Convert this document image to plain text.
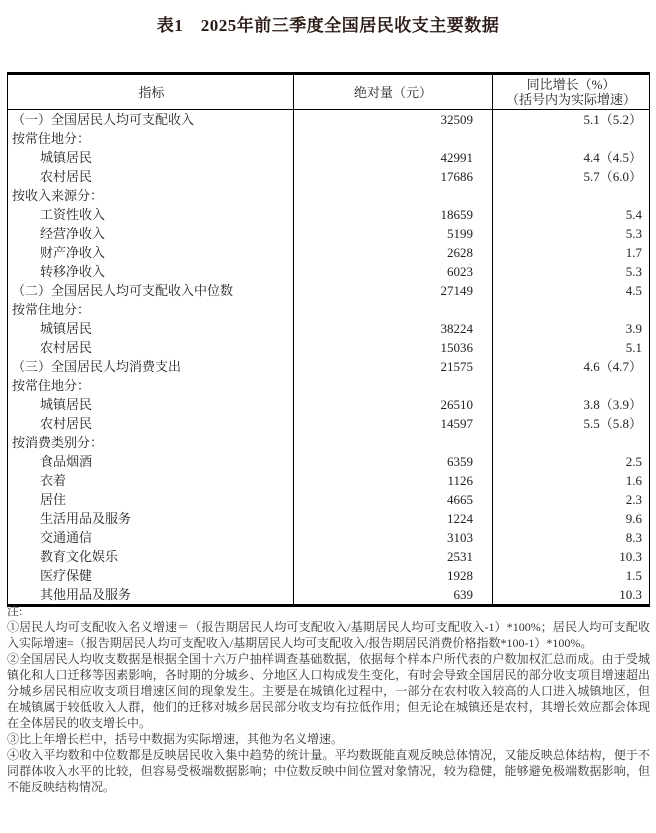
表1　2025年前三季度全国居民收支主要数据
指标	绝对量（元）	同比增长（%）
（括号内为实际增速）
（一）全国居民人均可支配收入	32509	5.1（5.2）
按常住地分：
城镇居民	42991	4.4（4.5）
农村居民	17686	5.7（6.0）
按收入来源分：
工资性收入	18659	5.4
经营净收入	5199	5.3
财产净收入	2628	1.7
转移净收入	6023	5.3
（二）全国居民人均可支配收入中位数	27149	4.5
按常住地分：
城镇居民	38224	3.9
农村居民	15036	5.1
（三）全国居民人均消费支出	21575	4.6（4.7）
按常住地分：
城镇居民	26510	3.8（3.9）
农村居民	14597	5.5（5.8）
按消费类别分：
食品烟酒	6359	2.5
衣着	1126	1.6
居住	4665	2.3
生活用品及服务	1224	9.6
交通通信	3103	8.3
教育文化娱乐	2531	10.3
医疗保健	1928	1.5
其他用品及服务	639	10.3
注:
①居民人均可支配收入名义增速＝（报告期居民人均可支配收入/基期居民人均可支配收入-1）*100%；居民人均可支配收入实际增速=（报告期居民人均可支配收入/基期居民人均可支配收入/报告期居民消费价格指数*100-1）*100%。
②全国居民人均收支数据是根据全国十六万户抽样调查基础数据，依据每个样本户所代表的户数加权汇总而成。由于受城镇化和人口迁移等因素影响，各时期的分城乡、分地区人口构成发生变化，有时会导致全国居民的部分收支项目增速超出分城乡居民相应收支项目增速区间的现象发生。主要是在城镇化过程中，一部分在农村收入较高的人口进入城镇地区，但在城镇属于较低收入人群，他们的迁移对城乡居民部分收支均有拉低作用；但无论在城镇还是农村，其增长效应都会体现在全体居民的收支增长中。
③比上年增长栏中，括号中数据为实际增速，其他为名义增速。
④收入平均数和中位数都是反映居民收入集中趋势的统计量。平均数既能直观反映总体情况，又能反映总体结构，便于不同群体收入水平的比较，但容易受极端数据影响；中位数反映中间位置对象情况，较为稳健，能够避免极端数据影响，但不能反映结构情况。
